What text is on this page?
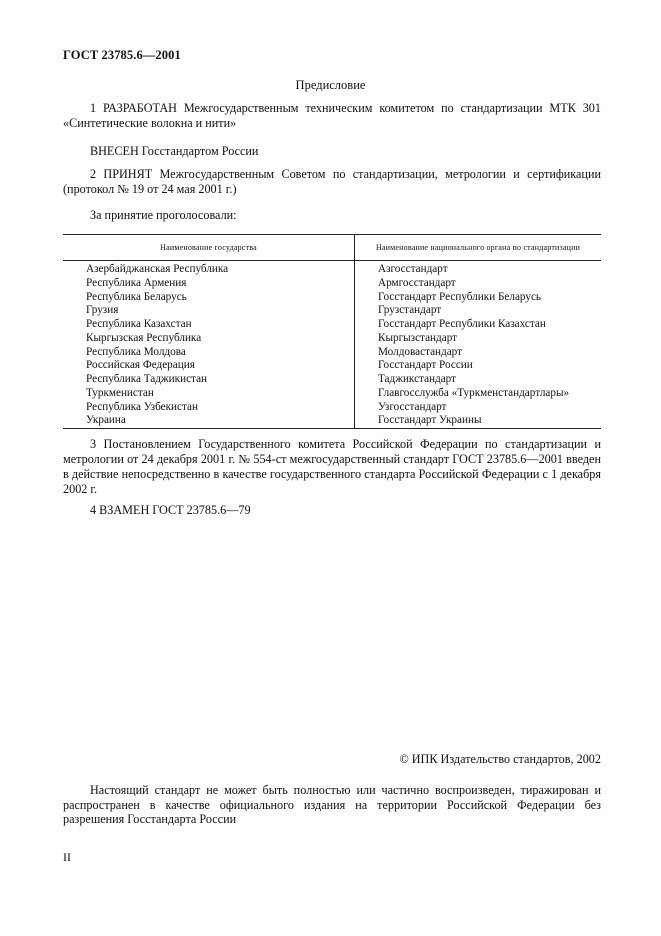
ГОСТ 23785.6—2001
Предисловие

1 РАЗРАБОТАН Межгосударственным техническим комитетом по стандартизации МТК 301 «Синтетические волокна и нити»

ВНЕСЕН Госстандартом России

2 ПРИНЯТ Межгосударственным Советом по стандартизации, метрологии и сертификации (протокол № 19 от 24 мая 2001 г.)

За принятие проголосовали:

Наименование государства	Наименование национального органа по стандартизации
Азербайджанская Республика	Азгосстандарт
Республика Армения	Армгосстандарт
Республика Беларусь	Госстандарт Республики Беларусь
Грузия	Грузстандарт
Республика Казахстан	Госстандарт Республики Казахстан
Кыргызская Республика	Кыргызстандарт
Республика Молдова	Молдовастандарт
Российская Федерация	Госстандарт России
Республика Таджикистан	Таджикстандарт
Туркменистан	Главгосслужба «Туркменстандартлары»
Республика Узбекистан	Узгосстандарт
Украина	Госстандарт Украины

3 Постановлением Государственного комитета Российской Федерации по стандартизации и метрологии от 24 декабря 2001 г. № 554-ст межгосударственный стандарт ГОСТ 23785.6—2001 введен в действие непосредственно в качестве государственного стандарта Российской Федерации с 1 декабря 2002 г.

4 ВЗАМЕН ГОСТ 23785.6—79

© ИПК Издательство стандартов, 2002

Настоящий стандарт не может быть полностью или частично воспроизведен, тиражирован и распространен в качестве официального издания на территории Российской Федерации без разрешения Госстандарта России

II
